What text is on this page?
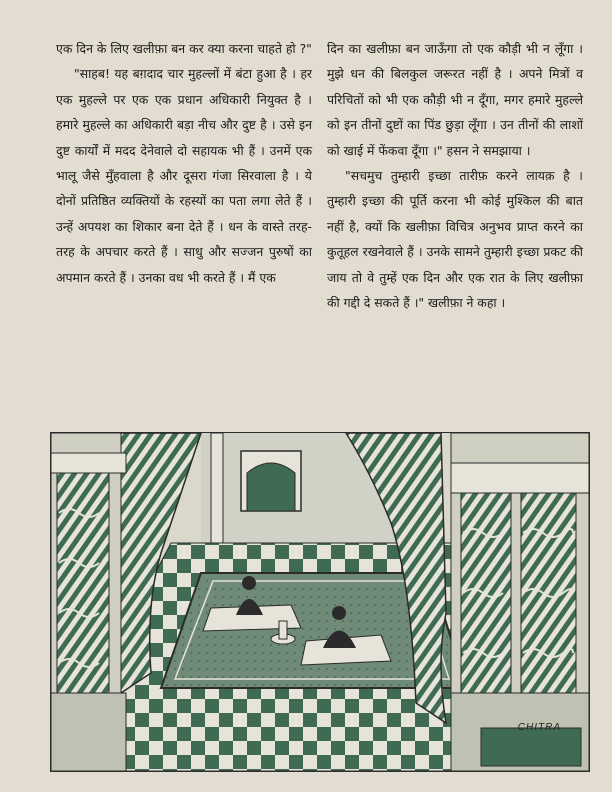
एक दिन के लिए खलीफ़ा बन कर क्या करना चाहते हो ?"

"साहब! यह बग़दाद चार मुहल्लों में बंटा हुआ है । हर एक मुहल्ले पर एक एक प्रधान अधिकारी नियुक्त है । हमारे मुहल्ले का अधिकारी बड़ा नीच और दुष्ट है । उसे इन दुष्ट कार्यों में मदद देनेवाले दो सहायक भी हैं । उनमें एक भालू जैसे मुँहवाला है और दूसरा गंजा सिरवाला है । ये दोनों प्रतिष्ठित व्यक्तियों के रहस्यों का पता लगा लेते हैं । उन्हें अपयश का शिकार बना देते हैं । धन के वास्ते तरह-तरह के अपचार करते हैं । साधु और सज्जन पुरुषों का अपमान करते हैं । उनका वध भी करते हैं । मैं एक

दिन का खलीफ़ा बन जाऊँगा तो एक कौड़ी भी न लूँगा । मुझे धन की बिलकुल जरूरत नहीं है । अपने मित्रों व परिचितों को भी एक कौड़ी भी न दूँगा, मगर हमारे मुहल्ले को इन तीनों दुष्टों का पिंड छुड़ा लूँगा । उन तीनों की लाशों को खाई में फेंकवा दूँगा ।" हसन ने समझाया ।

"सचमुच तुम्हारी इच्छा तारीफ़ करने लायक़ है । तुम्हारी इच्छा की पूर्ति करना भी कोई मुश्किल की बात नहीं है, क्यों कि खलीफ़ा विचित्र अनुभव प्राप्त करने का कुतूहल रखनेवाले हैं । उनके सामने तुम्हारी इच्छा प्रकट की जाय तो वे तुम्हें एक दिन और एक रात के लिए खलीफ़ा की गद्दी दे सकते हैं ।" खलीफ़ा ने कहा ।

CHITRA
